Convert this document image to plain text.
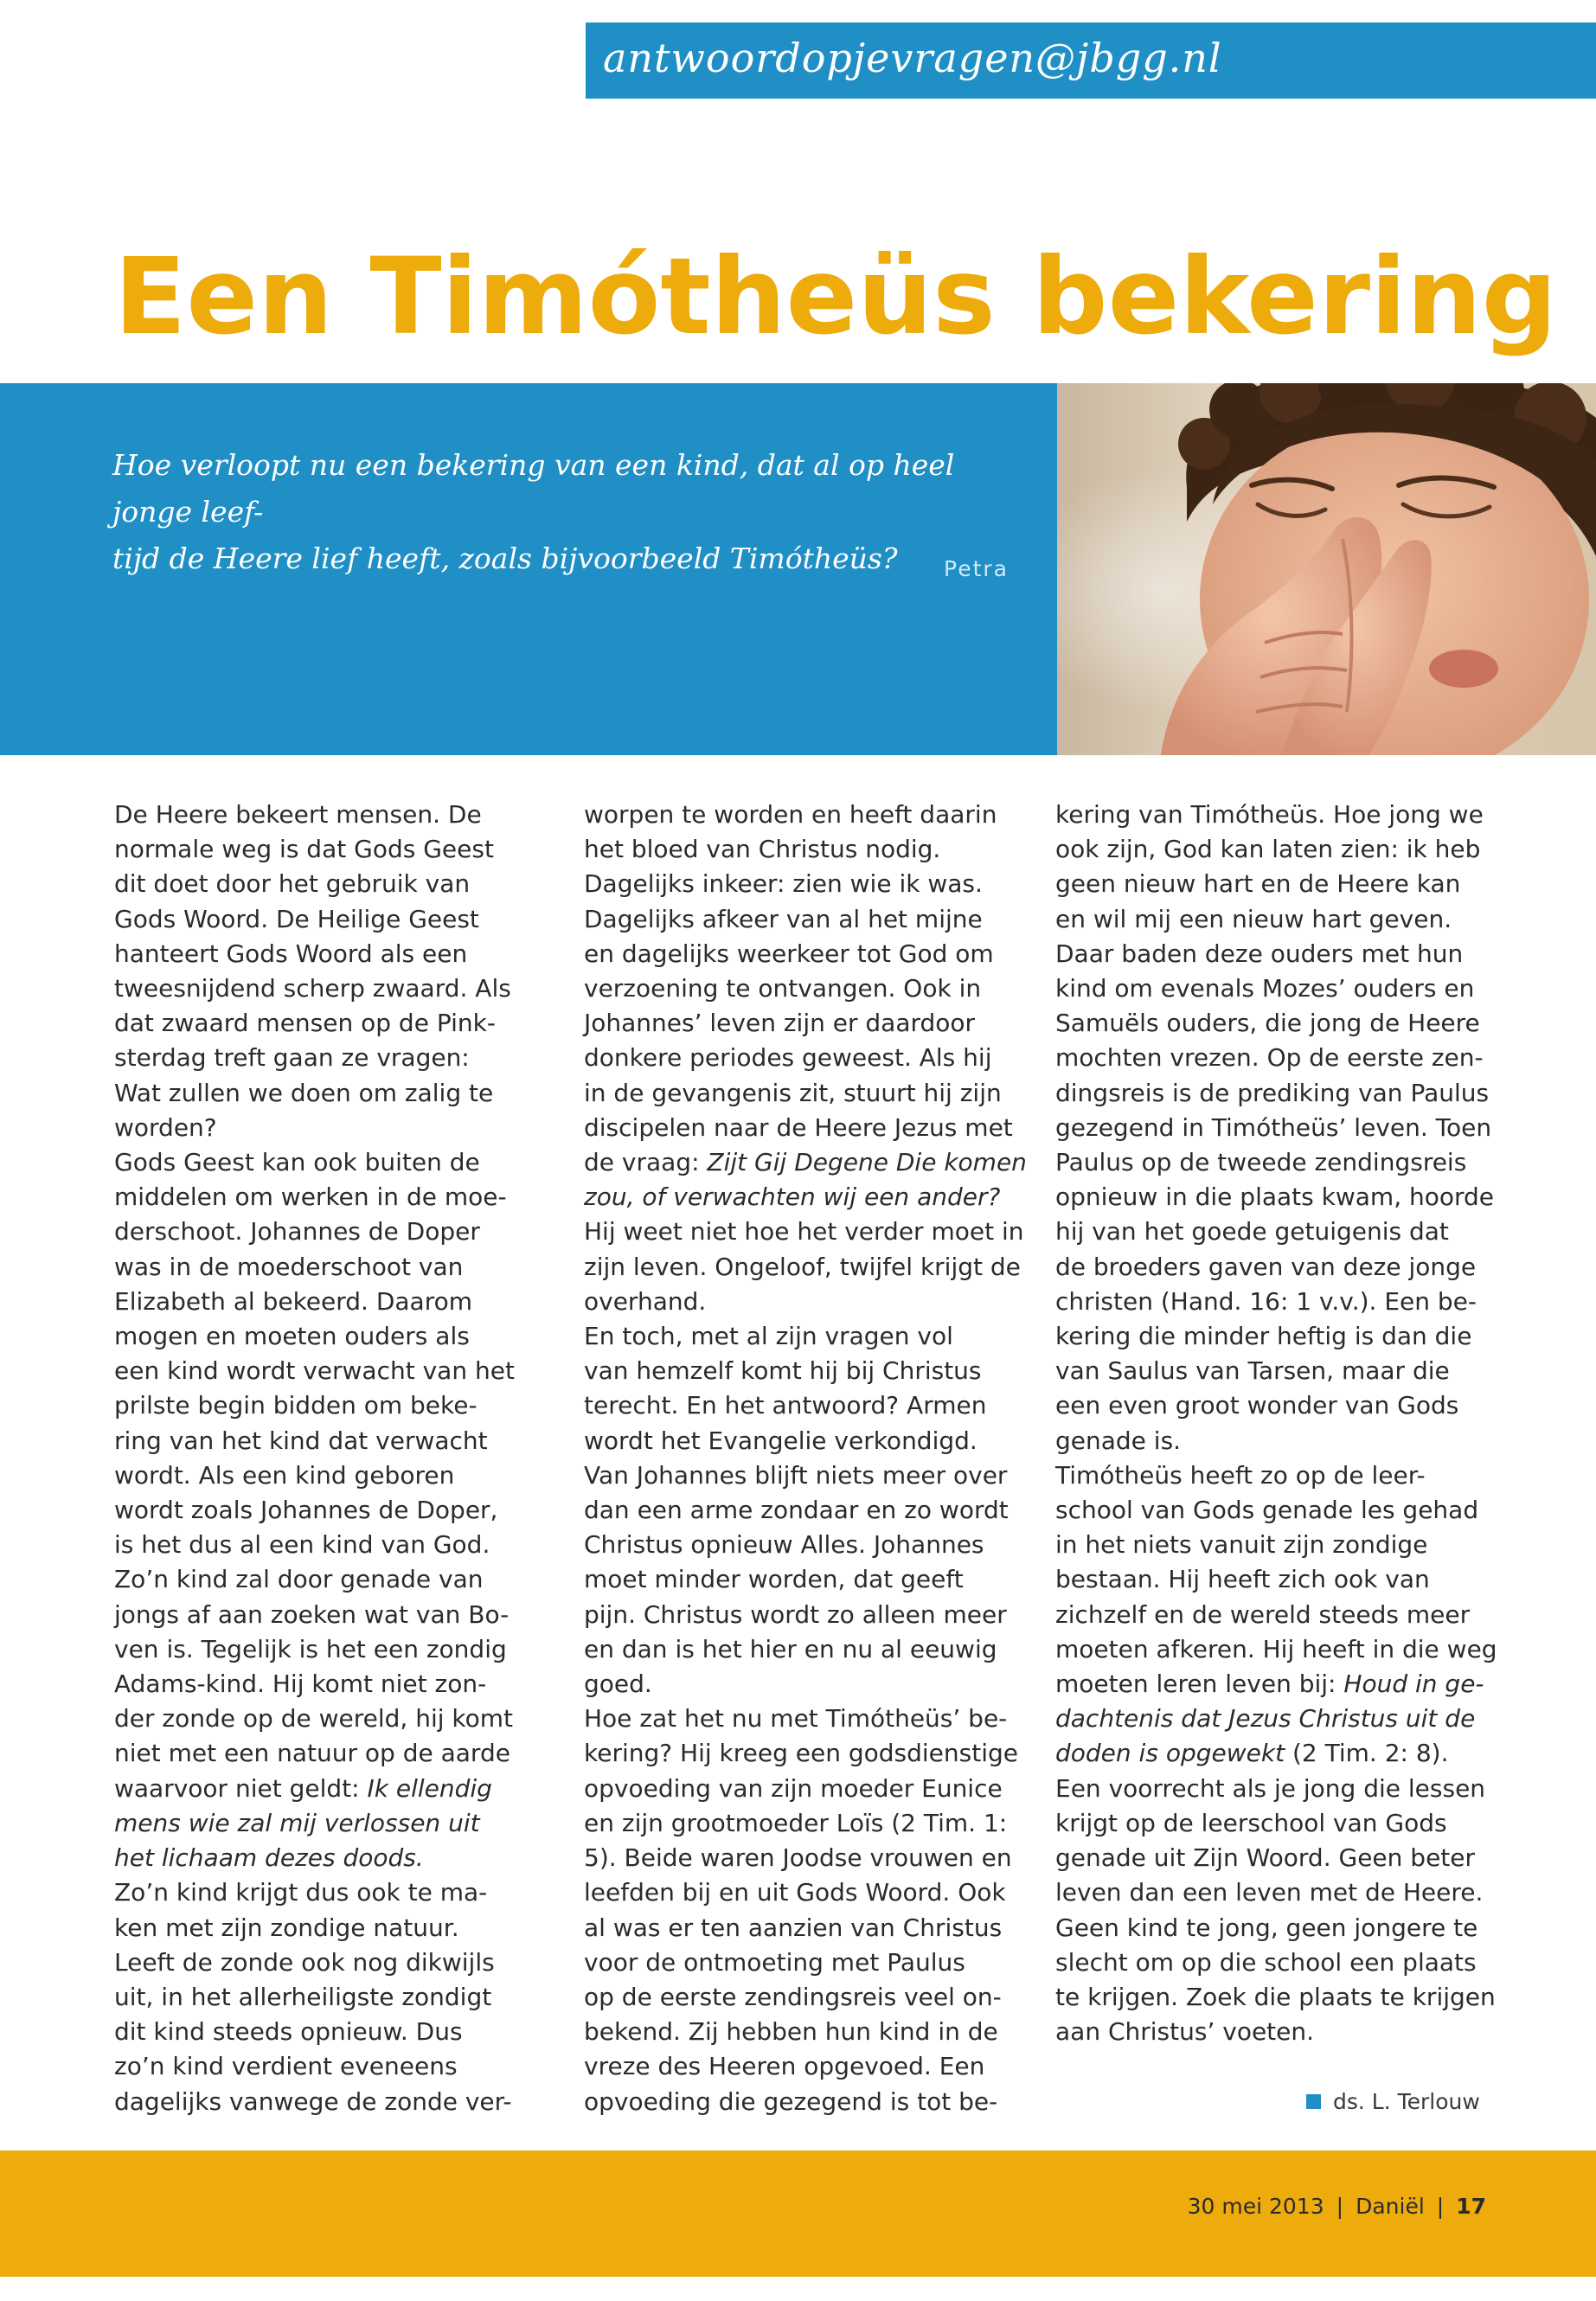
antwoordopjevragen@jbgg.nl
Een Timótheüs bekering
Hoe verloopt nu een bekering van een kind, dat al op heel jonge leef-
tijd de Heere lief heeft, zoals bijvoorbeeld Timótheüs?	Petra

De Heere bekeert mensen. De

normale weg is dat Gods Geest

dit doet door het gebruik van

Gods Woord. De Heilige Geest

hanteert Gods Woord als een

tweesnijdend scherp zwaard. Als

dat zwaard mensen op de Pink-

sterdag treft gaan ze vragen:

Wat zullen we doen om zalig te

worden?

Gods Geest kan ook buiten de

middelen om werken in de moe-

derschoot. Johannes de Doper

was in de moederschoot van

Elizabeth al bekeerd. Daarom

mogen en moeten ouders als

een kind wordt verwacht van het

prilste begin bidden om beke-

ring van het kind dat verwacht

wordt. Als een kind geboren

wordt zoals Johannes de Doper,

is het dus al een kind van God.

Zo’n kind zal door genade van

jongs af aan zoeken wat van Bo-

ven is. Tegelijk is het een zondig

Adams-kind. Hij komt niet zon-

der zonde op de wereld, hij komt

niet met een natuur op de aarde

waarvoor niet geldt: Ik ellendig

mens wie zal mij verlossen uit

het lichaam dezes doods.

Zo’n kind krijgt dus ook te ma-

ken met zijn zondige natuur.

Leeft de zonde ook nog dikwijls

uit, in het allerheiligste zondigt

dit kind steeds opnieuw. Dus

zo’n kind verdient eveneens

dagelijks vanwege de zonde ver-

worpen te worden en heeft daarin

het bloed van Christus nodig.

Dagelijks inkeer: zien wie ik was.

Dagelijks afkeer van al het mijne

en dagelijks weerkeer tot God om

verzoening te ontvangen. Ook in

Johannes’ leven zijn er daardoor

donkere periodes geweest. Als hij

in de gevangenis zit, stuurt hij zijn

discipelen naar de Heere Jezus met

de vraag: Zijt Gij Degene Die komen

zou, of verwachten wij een ander?

Hij weet niet hoe het verder moet in

zijn leven. Ongeloof, twijfel krijgt de

overhand.

En toch, met al zijn vragen vol

van hemzelf komt hij bij Christus

terecht. En het antwoord? Armen

wordt het Evangelie verkondigd.

Van Johannes blijft niets meer over

dan een arme zondaar en zo wordt

Christus opnieuw Alles. Johannes

moet minder worden, dat geeft

pijn. Christus wordt zo alleen meer

en dan is het hier en nu al eeuwig

goed.

Hoe zat het nu met Timótheüs’ be-

kering? Hij kreeg een godsdienstige

opvoeding van zijn moeder Eunice

en zijn grootmoeder Loïs (2 Tim. 1:

5). Beide waren Joodse vrouwen en

leefden bij en uit Gods Woord. Ook

al was er ten aanzien van Christus

voor de ontmoeting met Paulus

op de eerste zendingsreis veel on-

bekend. Zij hebben hun kind in de

vreze des Heeren opgevoed. Een

opvoeding die gezegend is tot be-

kering van Timótheüs. Hoe jong we

ook zijn, God kan laten zien: ik heb

geen nieuw hart en de Heere kan

en wil mij een nieuw hart geven.

Daar baden deze ouders met hun

kind om evenals Mozes’ ouders en

Samuëls ouders, die jong de Heere

mochten vrezen. Op de eerste zen-

dingsreis is de prediking van Paulus

gezegend in Timótheüs’ leven. Toen

Paulus op de tweede zendingsreis

opnieuw in die plaats kwam, hoorde

hij van het goede getuigenis dat

de broeders gaven van deze jonge

christen (Hand. 16: 1 v.v.). Een be-

kering die minder heftig is dan die

van Saulus van Tarsen, maar die

een even groot wonder van Gods

genade is.

Timótheüs heeft zo op de leer-

school van Gods genade les gehad

in het niets vanuit zijn zondige

bestaan. Hij heeft zich ook van

zichzelf en de wereld steeds meer

moeten afkeren. Hij heeft in die weg

moeten leren leven bij: Houd in ge-

dachtenis dat Jezus Christus uit de

doden is opgewekt (2 Tim. 2: 8).

Een voorrecht als je jong die lessen

krijgt op de leerschool van Gods

genade uit Zijn Woord. Geen beter

leven dan een leven met de Heere.

Geen kind te jong, geen jongere te

slecht om op die school een plaats

te krijgen. Zoek die plaats te krijgen

aan Christus’ voeten.

ds. L. Terlouw
30 mei 2013 | Daniël | 17
